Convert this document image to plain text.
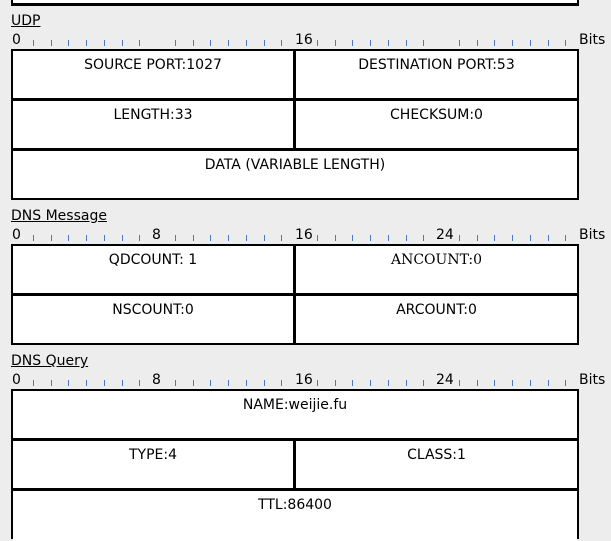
UDP
0	16	Bits
SOURCE PORT:1027	DESTINATION PORT:53
LENGTH:33	CHECKSUM:0
DATA (VARIABLE LENGTH)
DNS Message
0	8	16	24	Bits
QDCOUNT: 1	ANCOUNT:0
NSCOUNT:0	ARCOUNT:0
DNS Query
0	8	16	24	Bits
NAME:weijie.fu
TYPE:4	CLASS:1
TTL:86400
